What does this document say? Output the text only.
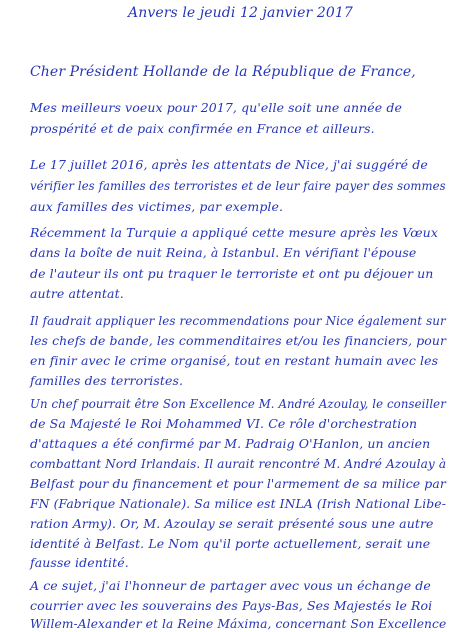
Anvers le jeudi 12 janvier 2017
Cher Président Hollande de la République de France,
Mes meilleurs voeux pour 2017, qu'elle soit une année de
prospérité et de paix confirmée en France et ailleurs.
Le 17 juillet 2016, après les attentats de Nice, j'ai suggéré de
vérifier les familles des terroristes et de leur faire payer des sommes
aux familles des victimes, par exemple.
Récemment la Turquie a appliqué cette mesure après les Vœux
dans la boîte de nuit Reina, à Istanbul. En vérifiant l'épouse
de l'auteur ils ont pu traquer le terroriste et ont pu déjouer un
autre attentat.
Il faudrait appliquer les recommendations pour Nice également sur
les chefs de bande, les commenditaires et/ou les financiers, pour
en finir avec le crime organisé, tout en restant humain avec les
familles des terroristes.
Un chef pourrait être Son Excellence M. André Azoulay, le conseiller
de Sa Majesté le Roi Mohammed VI. Ce rôle d'orchestration
d'attaques a été confirmé par M. Padraig O'Hanlon, un ancien
combattant Nord Irlandais. Il aurait rencontré M. André Azoulay à
Belfast pour du financement et pour l'armement de sa milice par
FN (Fabrique Nationale). Sa milice est INLA (Irish National Libe-
ration Army). Or, M. Azoulay se serait présenté sous une autre
identité à Belfast. Le Nom qu'il porte actuellement, serait une
fausse identité.
A ce sujet, j'ai l'honneur de partager avec vous un échange de
courrier avec les souverains des Pays-Bas, Ses Majestés le Roi
Willem-Alexander et la Reine Máxima, concernant Son Excellence
